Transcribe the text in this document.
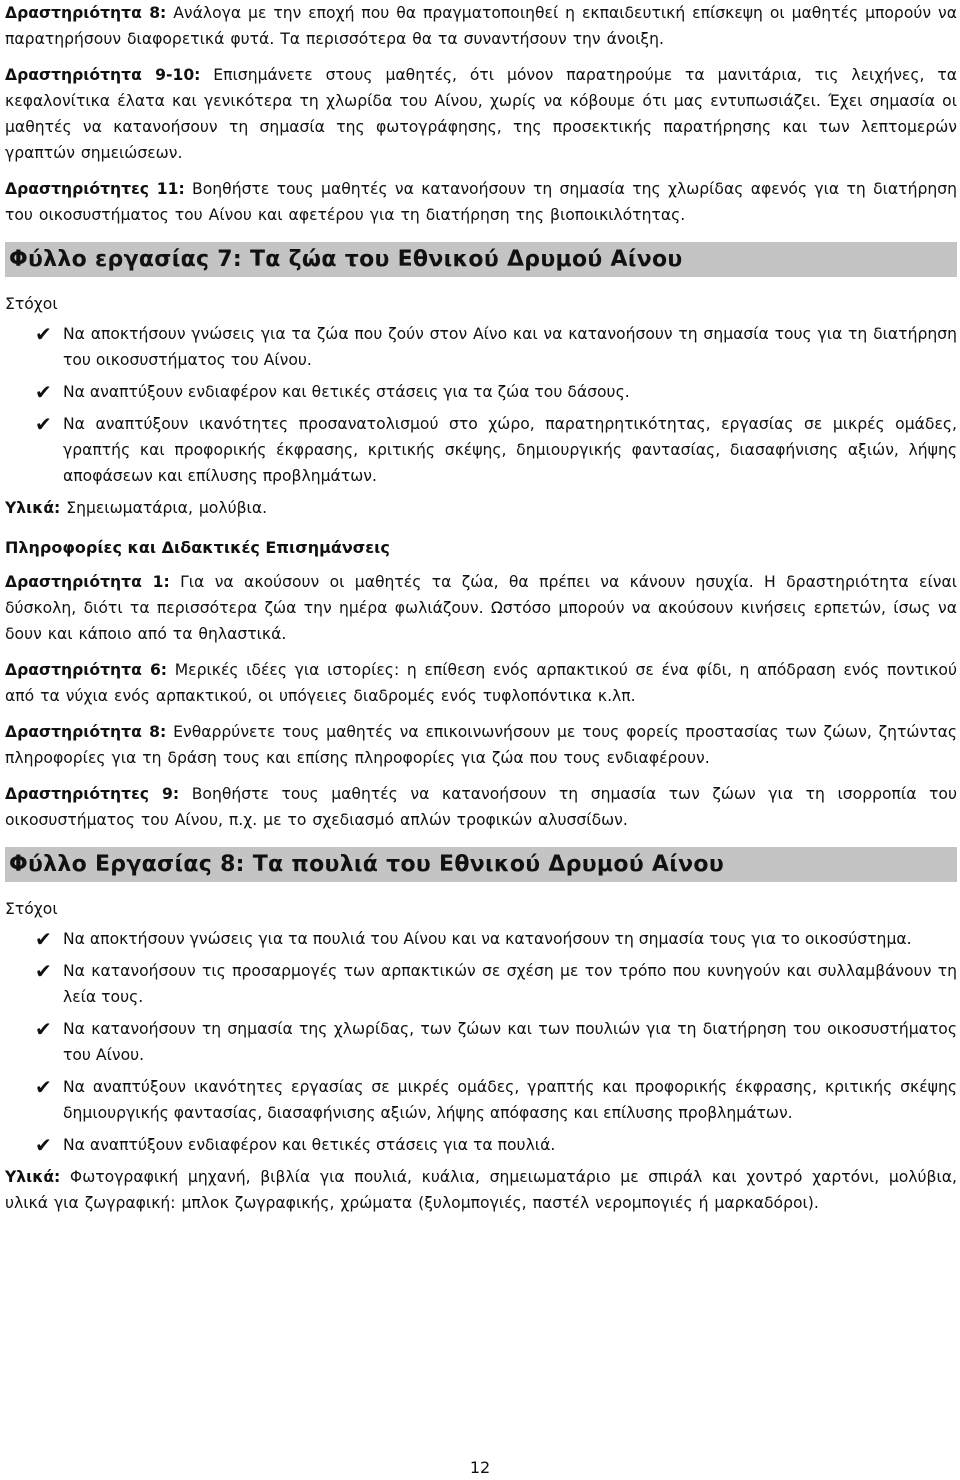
Δραστηριότητα 8: Ανάλογα με την εποχή που θα πραγματοποιηθεί η εκπαιδευτική επίσκεψη οι μαθητές μπορούν να παρατηρήσουν διαφορετικά φυτά. Τα περισσότερα θα τα συναντήσουν την άνοιξη.

Δραστηριότητα 9-10: Επισημάνετε στους μαθητές, ότι μόνον παρατηρούμε τα μανιτάρια, τις λειχήνες, τα κεφαλονίτικα έλατα και γενικότερα τη χλωρίδα του Αίνου, χωρίς να κόβουμε ότι μας εντυπωσιάζει. Έχει σημασία οι μαθητές να κατανοήσουν τη σημασία της φωτογράφησης, της προσεκτικής παρατήρησης και των λεπτομερών γραπτών σημειώσεων.

Δραστηριότητες 11: Βοηθήστε τους μαθητές να κατανοήσουν τη σημασία της χλωρίδας αφενός για τη διατήρηση του οικοσυστήματος του Αίνου και αφετέρου για τη διατήρηση της βιοποικιλότητας.

Φύλλο εργασίας 7: Τα ζώα του Εθνικού Δρυμού Αίνου
Στόχοι
✔ Να αποκτήσουν γνώσεις για τα ζώα που ζούν στον Αίνο και να κατανοήσουν τη σημασία τους για τη διατήρηση του οικοσυστήματος του Αίνου.
✔ Να αναπτύξουν ενδιαφέρον και θετικές στάσεις για τα ζώα του δάσους.
✔ Να αναπτύξουν ικανότητες προσανατολισμού στο χώρο, παρατηρητικότητας, εργασίας σε μικρές ομάδες, γραπτής και προφορικής έκφρασης, κριτικής σκέψης, δημιουργικής φαντασίας, διασαφήνισης αξιών, λήψης αποφάσεων και επίλυσης προβλημάτων.

Υλικά: Σημειωματάρια, μολύβια.

Πληροφορίες και Διδακτικές Επισημάνσεις

Δραστηριότητα 1: Για να ακούσουν οι μαθητές τα ζώα, θα πρέπει να κάνουν ησυχία. Η δραστηριότητα είναι δύσκολη, διότι τα περισσότερα ζώα την ημέρα φωλιάζουν. Ωστόσο μπορούν να ακούσουν κινήσεις ερπετών, ίσως να δουν και κάποιο από τα θηλαστικά.

Δραστηριότητα 6: Μερικές ιδέες για ιστορίες: η επίθεση ενός αρπακτικού σε ένα φίδι, η απόδραση ενός ποντικού από τα νύχια ενός αρπακτικού, οι υπόγειες διαδρομές ενός τυφλοπόντικα κ.λπ.

Δραστηριότητα 8: Ενθαρρύνετε τους μαθητές να επικοινωνήσουν με τους φορείς προστασίας των ζώων, ζητώντας πληροφορίες για τη δράση τους και επίσης πληροφορίες για ζώα που τους ενδιαφέρουν.

Δραστηριότητες 9: Βοηθήστε τους μαθητές να κατανοήσουν τη σημασία των ζώων για τη ισορροπία του οικοσυστήματος του Αίνου, π.χ. με το σχεδιασμό απλών τροφικών αλυσσίδων.

Φύλλο Εργασίας 8: Τα πουλιά του Εθνικού Δρυμού Αίνου
Στόχοι
✔ Να αποκτήσουν γνώσεις για τα πουλιά του Αίνου και να κατανοήσουν τη σημασία τους για το οικοσύστημα.
✔ Να κατανοήσουν τις προσαρμογές των αρπακτικών σε σχέση με τον τρόπο που κυνηγούν και συλλαμβάνουν τη λεία τους.
✔ Να κατανοήσουν τη σημασία της χλωρίδας, των ζώων και των πουλιών για τη διατήρηση του οικοσυστήματος του Αίνου.
✔ Να αναπτύξουν ικανότητες εργασίας σε μικρές ομάδες, γραπτής και προφορικής έκφρασης, κριτικής σκέψης δημιουργικής φαντασίας, διασαφήνισης αξιών, λήψης απόφασης και επίλυσης προβλημάτων.
✔ Να αναπτύξουν ενδιαφέρον και θετικές στάσεις για τα πουλιά.

Υλικά: Φωτογραφική μηχανή, βιβλία για πουλιά, κυάλια, σημειωματάριο με σπιράλ και χοντρό χαρτόνι, μολύβια, υλικά για ζωγραφική: μπλοκ ζωγραφικής, χρώματα (ξυλομπογιές, παστέλ νερομπογιές ή μαρκαδόροι).

12
